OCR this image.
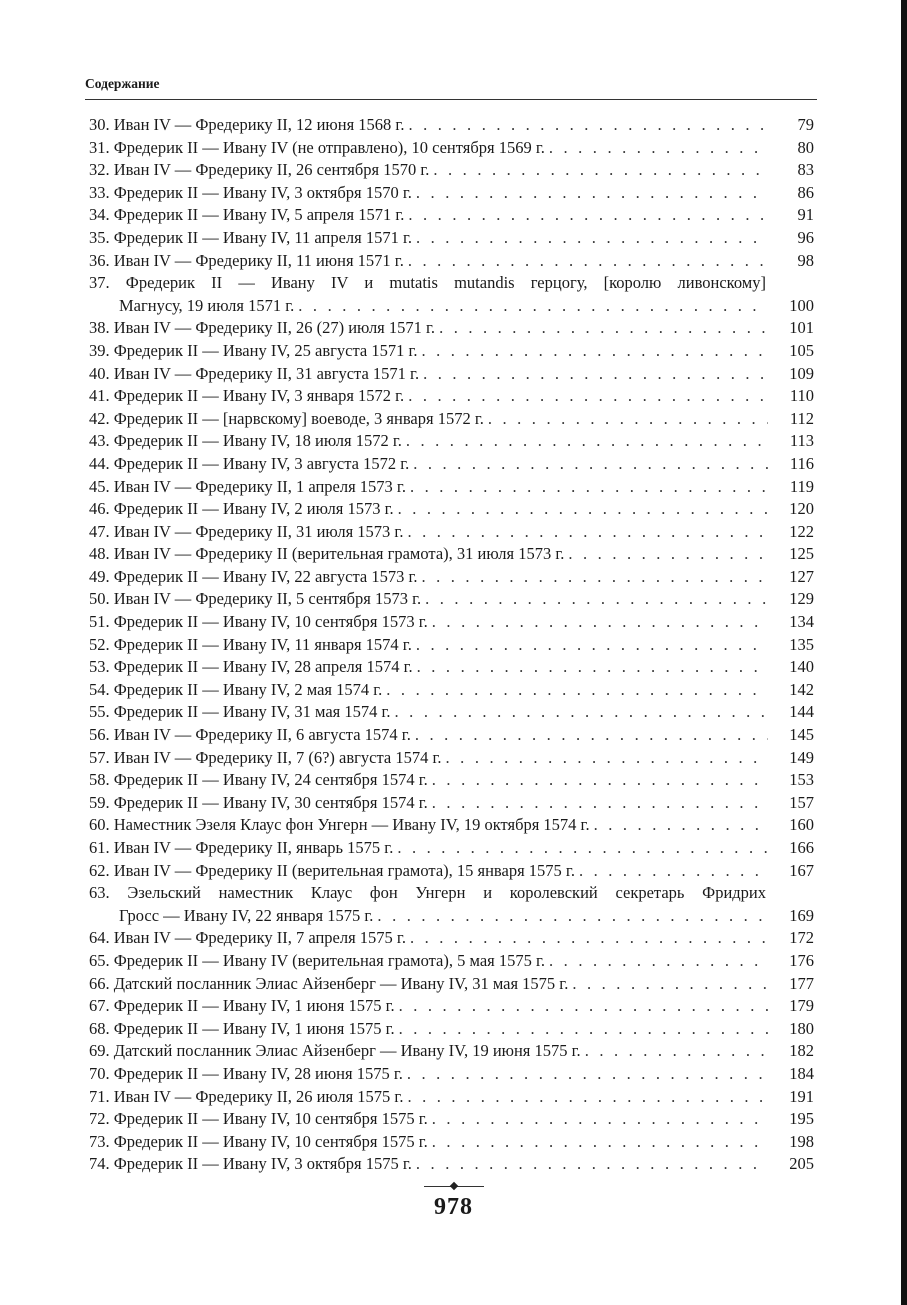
Содержание
30. Иван IV — Фредерику II, 12 июня 1568 г. . . .	79
31. Фредерик II — Ивану IV (не отправлено), 10 сентября 1569 г. . . .	80
32. Иван IV — Фредерику II, 26 сентября 1570 г. . . .	83
33. Фредерик II — Ивану IV, 3 октября 1570 г. . . .	86
34. Фредерик II — Ивану IV, 5 апреля 1571 г. . . .	91
35. Фредерик II — Ивану IV, 11 апреля 1571 г. . . .	96
36. Иван IV — Фредерику II, 11 июня 1571 г. . . .	98
37. Фредерик II — Ивану IV и mutatis mutandis герцогу, [королю ливонскому]
Магнусу, 19 июля 1571 г. . . .	100
38. Иван IV — Фредерику II, 26 (27) июля 1571 г. . . .	101
39. Фредерик II — Ивану IV, 25 августа 1571 г. . . .	105
40. Иван IV — Фредерику II, 31 августа 1571 г. . . .	109
41. Фредерик II — Ивану IV, 3 января 1572 г. . . .	110
42. Фредерик II — [нарвскому] воеводе, 3 января 1572 г. . . .	112
43. Фредерик II — Ивану IV, 18 июля 1572 г. . . .	113
44. Фредерик II — Ивану IV, 3 августа 1572 г. . . .	116
45. Иван IV — Фредерику II, 1 апреля 1573 г. . . .	119
46. Фредерик II — Ивану IV, 2 июля 1573 г. . . .	120
47. Иван IV — Фредерику II, 31 июля 1573 г. . . .	122
48. Иван IV — Фредерику II (верительная грамота), 31 июля 1573 г. . . .	125
49. Фредерик II — Ивану IV, 22 августа 1573 г. . . .	127
50. Иван IV — Фредерику II, 5 сентября 1573 г. . . .	129
51. Фредерик II — Ивану IV, 10 сентября 1573 г. . . .	134
52. Фредерик II — Ивану IV, 11 января 1574 г. . . .	135
53. Фредерик II — Ивану IV, 28 апреля 1574 г. . . .	140
54. Фредерик II — Ивану IV, 2 мая 1574 г. . . .	142
55. Фредерик II — Ивану IV, 31 мая 1574 г. . . .	144
56. Иван IV — Фредерику II, 6 августа 1574 г. . . .	145
57. Иван IV — Фредерику II, 7 (6?) августа 1574 г. . . .	149
58. Фредерик II — Ивану IV, 24 сентября 1574 г. . . .	153
59. Фредерик II — Ивану IV, 30 сентября 1574 г. . . .	157
60. Наместник Эзеля Клаус фон Унгерн — Ивану IV, 19 октября 1574 г. . . .	160
61. Иван IV — Фредерику II, январь 1575 г. . . .	166
62. Иван IV — Фредерику II (верительная грамота), 15 января 1575 г. . . .	167
63. Эзельский наместник Клаус фон Унгерн и королевский секретарь Фридрих
Гросс — Ивану IV, 22 января 1575 г. . . .	169
64. Иван IV — Фредерику II, 7 апреля 1575 г. . . .	172
65. Фредерик II — Ивану IV (верительная грамота), 5 мая 1575 г. . . .	176
66. Датский посланник Элиас Айзенберг — Ивану IV, 31 мая 1575 г. . . .	177
67. Фредерик II — Ивану IV, 1 июня 1575 г. . . .	179
68. Фредерик II — Ивану IV, 1 июня 1575 г. . . .	180
69. Датский посланник Элиас Айзенберг — Ивану IV, 19 июня 1575 г. . . .	182
70. Фредерик II — Ивану IV, 28 июня 1575 г. . . .	184
71. Иван IV — Фредерику II, 26 июля 1575 г. . . .	191
72. Фредерик II — Ивану IV, 10 сентября 1575 г. . . .	195
73. Фредерик II — Ивану IV, 10 сентября 1575 г. . . .	198
74. Фредерик II — Ивану IV, 3 октября 1575 г. . . .	205
978
